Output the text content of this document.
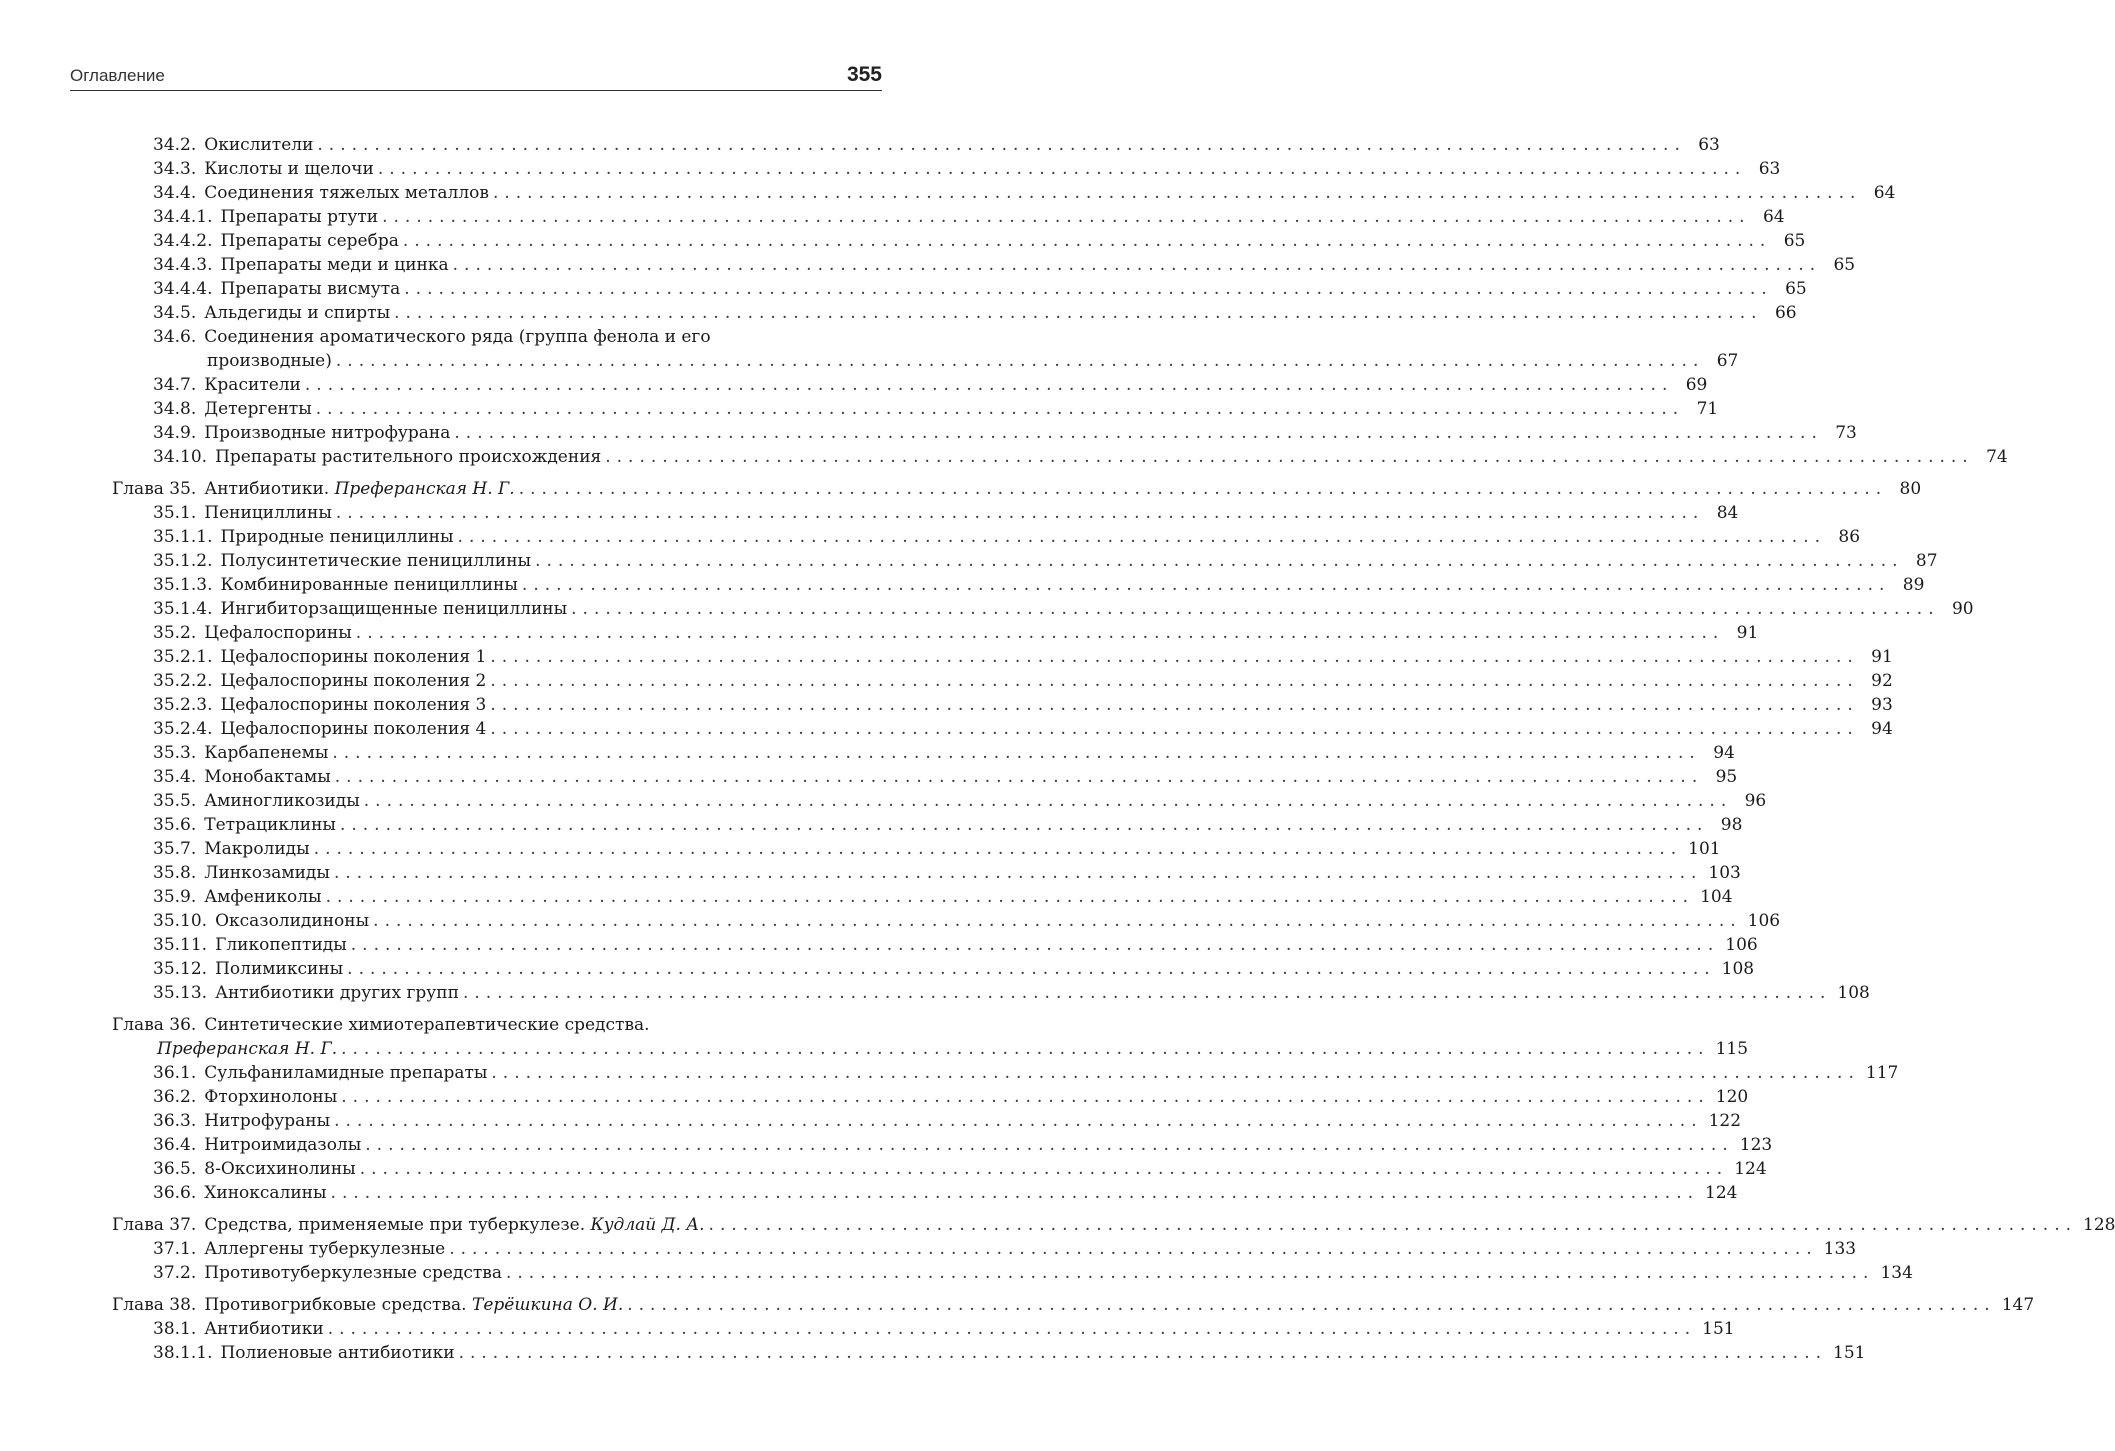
Оглавление	355
34.2. Окислители ........................................................................................................................ 63
34.3. Кислоты и щелочи ........................................................................................................................ 63
34.4. Соединения тяжелых металлов ........................................................................................................................ 64
34.4.1. Препараты ртути ........................................................................................................................ 64
34.4.2. Препараты серебра ........................................................................................................................ 65
34.4.3. Препараты меди и цинка ........................................................................................................................ 65
34.4.4. Препараты висмута ........................................................................................................................ 65
34.5. Альдегиды и спирты ........................................................................................................................ 66
34.6. Соединения ароматического ряда (группа фенола и его
производные) ........................................................................................................................ 67
34.7. Красители ........................................................................................................................ 69
34.8. Детергенты ........................................................................................................................ 71
34.9. Производные нитрофурана ........................................................................................................................ 73
34.10. Препараты растительного происхождения ........................................................................................................................ 74
Глава 35. Антибиотики. Преферанская Н. Г. ........................................................................................................................ 80
35.1. Пенициллины ........................................................................................................................ 84
35.1.1. Природные пенициллины ........................................................................................................................ 86
35.1.2. Полусинтетические пенициллины ........................................................................................................................ 87
35.1.3. Комбинированные пенициллины ........................................................................................................................ 89
35.1.4. Ингибиторзащищенные пенициллины ........................................................................................................................ 90
35.2. Цефалоспорины ........................................................................................................................ 91
35.2.1. Цефалоспорины поколения 1 ........................................................................................................................ 91
35.2.2. Цефалоспорины поколения 2 ........................................................................................................................ 92
35.2.3. Цефалоспорины поколения 3 ........................................................................................................................ 93
35.2.4. Цефалоспорины поколения 4 ........................................................................................................................ 94
35.3. Карбапенемы ........................................................................................................................ 94
35.4. Монобактамы ........................................................................................................................ 95
35.5. Аминогликозиды ........................................................................................................................ 96
35.6. Тетрациклины ........................................................................................................................ 98
35.7. Макролиды ........................................................................................................................ 101
35.8. Линкозамиды ........................................................................................................................ 103
35.9. Амфениколы ........................................................................................................................ 104
35.10. Оксазолидиноны ........................................................................................................................ 106
35.11. Гликопептиды ........................................................................................................................ 106
35.12. Полимиксины ........................................................................................................................ 108
35.13. Антибиотики других групп ........................................................................................................................ 108
Глава 36. Синтетические химиотерапевтические средства.
Преферанская Н. Г. ........................................................................................................................ 115
36.1. Сульфаниламидные препараты ........................................................................................................................ 117
36.2. Фторхинолоны ........................................................................................................................ 120
36.3. Нитрофураны ........................................................................................................................ 122
36.4. Нитроимидазолы ........................................................................................................................ 123
36.5. 8-Оксихинолины ........................................................................................................................ 124
36.6. Хиноксалины ........................................................................................................................ 124
Глава 37. Средства, применяемые при туберкулезе. Кудлай Д. А. ........................................................................................................................ 128
37.1. Аллергены туберкулезные ........................................................................................................................ 133
37.2. Противотуберкулезные средства ........................................................................................................................ 134
Глава 38. Противогрибковые средства. Терёшкина О. И. ........................................................................................................................ 147
38.1. Антибиотики ........................................................................................................................ 151
38.1.1. Полиеновые антибиотики ........................................................................................................................ 151
